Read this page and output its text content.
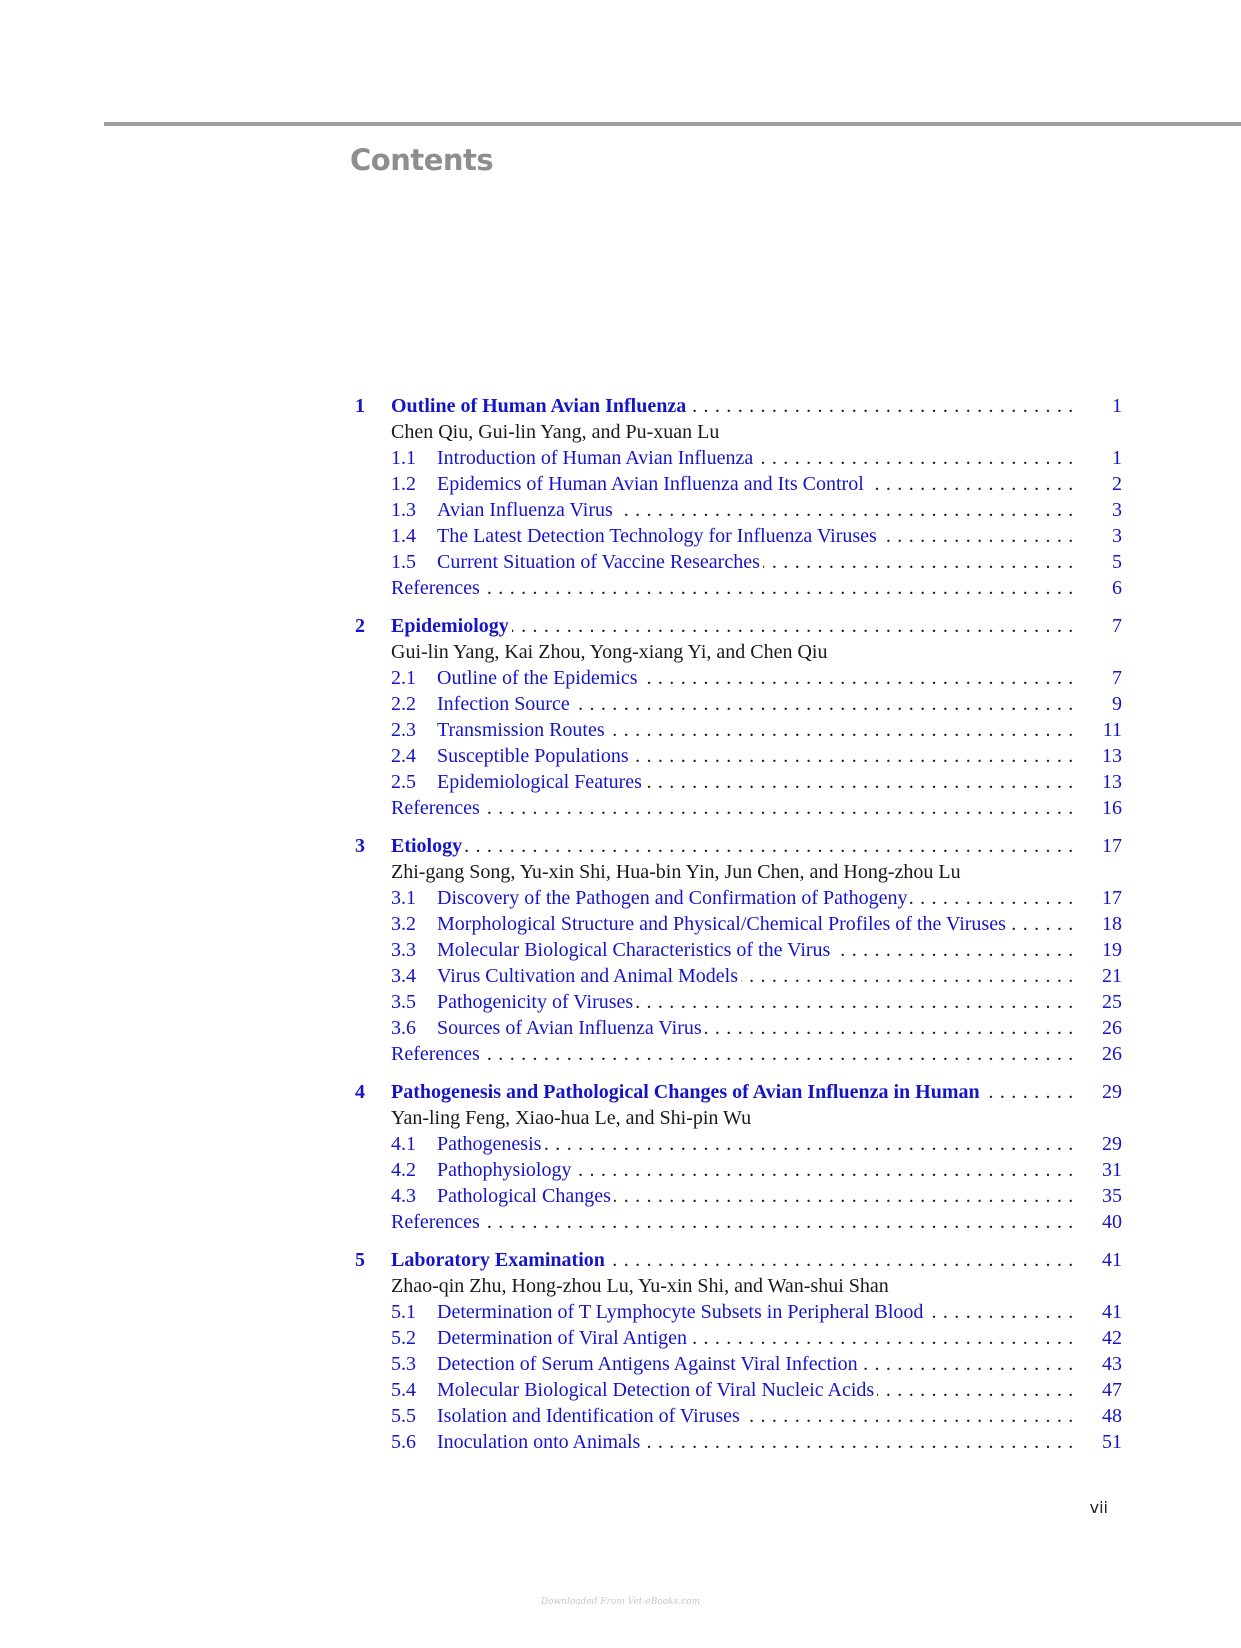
Contents
1	Outline of Human Avian Influenza . . .	1
Chen Qiu, Gui-lin Yang, and Pu-xuan Lu
1.1 Introduction of Human Avian Influenza . . .	1
1.2 Epidemics of Human Avian Influenza and Its Control . . .	2
1.3 Avian Influenza Virus . . .	3
1.4 The Latest Detection Technology for Influenza Viruses . . .	3
1.5 Current Situation of Vaccine Researches . . .	5
References . . .	6
2	Epidemiology . . .	7
Gui-lin Yang, Kai Zhou, Yong-xiang Yi, and Chen Qiu
2.1 Outline of the Epidemics . . .	7
2.2 Infection Source . . .	9
2.3 Transmission Routes . . .	11
2.4 Susceptible Populations . . .	13
2.5 Epidemiological Features . . .	13
References . . .	16
3	Etiology . . .	17
Zhi-gang Song, Yu-xin Shi, Hua-bin Yin, Jun Chen, and Hong-zhou Lu
3.1 Discovery of the Pathogen and Confirmation of Pathogeny . . .	17
3.2 Morphological Structure and Physical/Chemical Profiles of the Viruses . . .	18
3.3 Molecular Biological Characteristics of the Virus . . .	19
3.4 Virus Cultivation and Animal Models . . .	21
3.5 Pathogenicity of Viruses . . .	25
3.6 Sources of Avian Influenza Virus . . .	26
References . . .	26
4	Pathogenesis and Pathological Changes of Avian Influenza in Human . . .	29
Yan-ling Feng, Xiao-hua Le, and Shi-pin Wu
4.1 Pathogenesis . . .	29
4.2 Pathophysiology . . .	31
4.3 Pathological Changes . . .	35
References . . .	40
5	Laboratory Examination . . .	41
Zhao-qin Zhu, Hong-zhou Lu, Yu-xin Shi, and Wan-shui Shan
5.1 Determination of T Lymphocyte Subsets in Peripheral Blood . . .	41
5.2 Determination of Viral Antigen . . .	42
5.3 Detection of Serum Antigens Against Viral Infection . . .	43
5.4 Molecular Biological Detection of Viral Nucleic Acids . . .	47
5.5 Isolation and Identification of Viruses . . .	48
5.6 Inoculation onto Animals . . .	51
vii
Downloaded From Vet-eBooks.com
